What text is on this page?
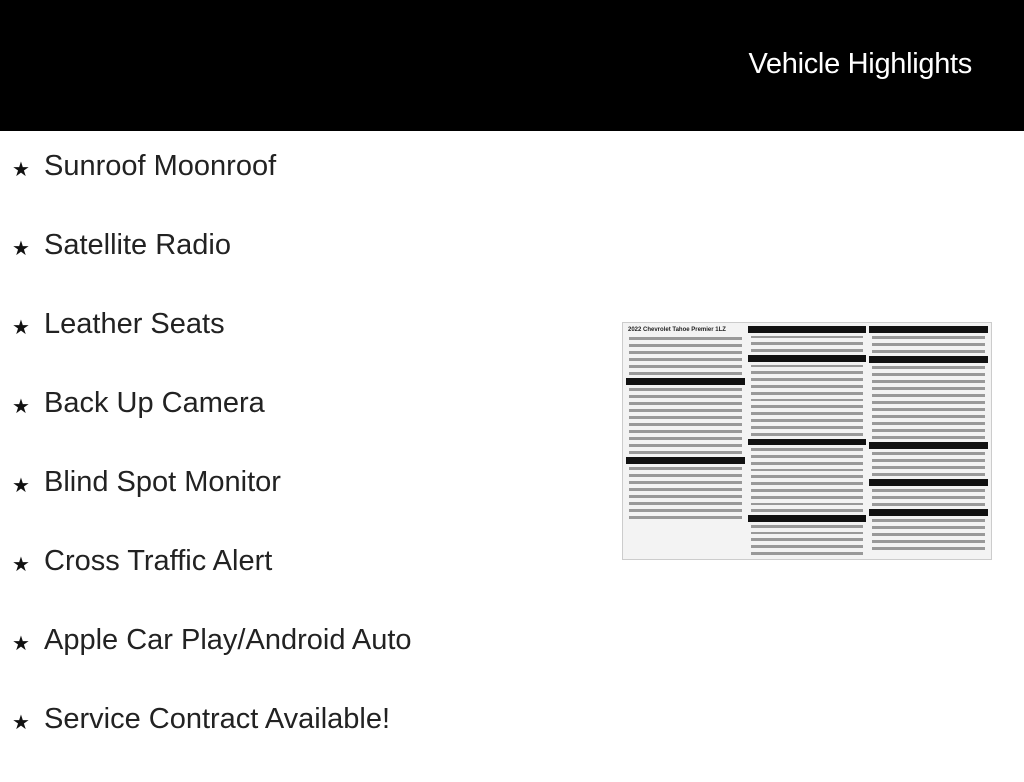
Vehicle Highlights
★ Sunroof Moonroof
★ Satellite Radio
★ Leather Seats
★ Back Up Camera
★ Blind Spot Monitor
★ Cross Traffic Alert
★ Apple Car Play/Android Auto
★ Service Contract Available!
2022 Chevrolet Tahoe Premier 1LZ
